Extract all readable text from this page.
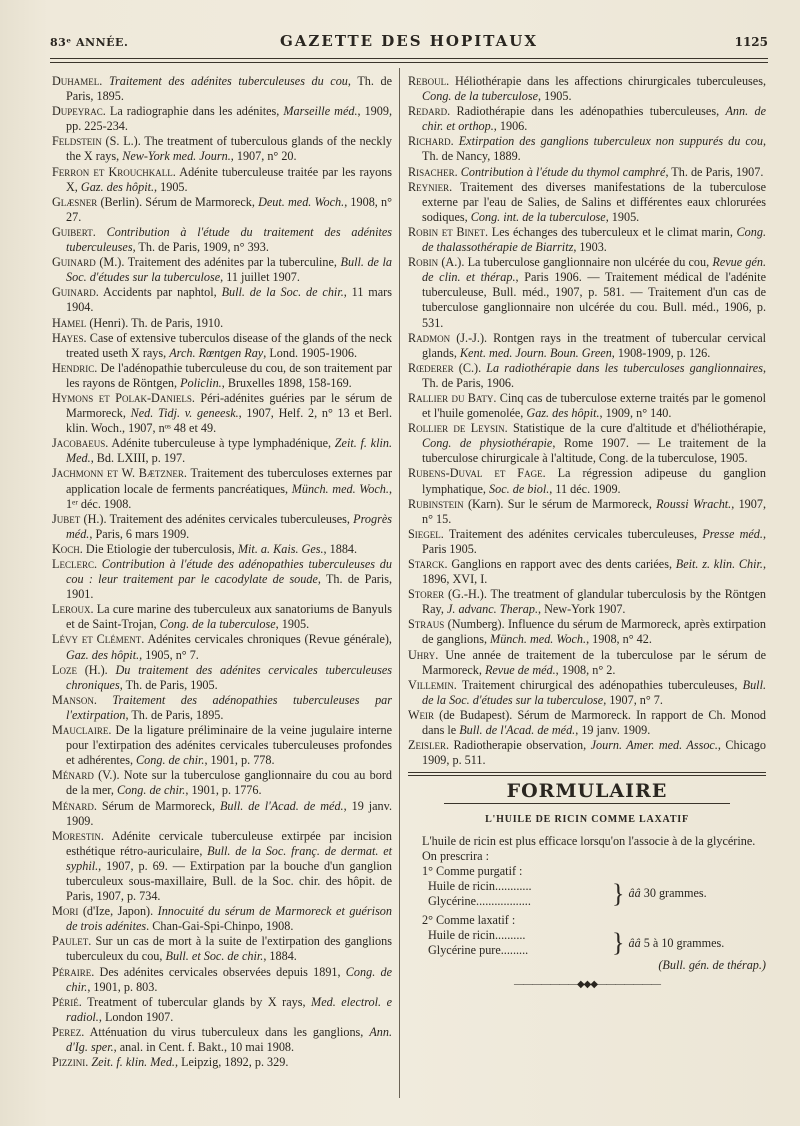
83ᵉ ANNÉE.	GAZETTE DES HOPITAUX	1125

Duhamel. Traitement des adénites tuberculeuses du cou, Th. de Paris, 1895.

Dupeyrac. La radiographie dans les adénites, Marseille méd., 1909, pp. 225-234.

Feldstein (S. L.). The treatment of tuberculous glands of the neckly the X rays, New-York med. Journ., 1907, n° 20.

Ferron et Krouchkall. Adénite tuberculeuse traitée par les rayons X, Gaz. des hôpit., 1905.

Glæsner (Berlin). Sérum de Marmoreck, Deut. med. Woch., 1908, n° 27.

Guibert. Contribution à l'étude du traitement des adénites tuberculeuses, Th. de Paris, 1909, n° 393.

Guinard (M.). Traitement des adénites par la tuberculine, Bull. de la Soc. d'études sur la tuberculose, 11 juillet 1907.

Guinard. Accidents par naphtol, Bull. de la Soc. de chir., 11 mars 1904.

Hamel (Henri). Th. de Paris, 1910.

Hayes. Case of extensive tuberculos disease of the glands of the neck treated useth X rays, Arch. Rœntgen Ray, Lond. 1905-1906.

Hendric. De l'adénopathie tuberculeuse du cou, de son traitement par les rayons de Röntgen, Policlin., Bruxelles 1898, 158-169.

Hymons et Polak-Daniels. Péri-adénites guéries par le sérum de Marmoreck, Ned. Tidj. v. geneesk., 1907, Helf. 2, n° 13 et Berl. klin. Woch., 1907, nᵒˢ 48 et 49.

Jacobaeus. Adénite tuberculeuse à type lymphadénique, Zeit. f. klin. Med., Bd. LXIII, p. 197.

Jachmonn et W. Bætzner. Traitement des tuberculoses externes par application locale de ferments pancréatiques, Münch. med. Woch., 1ᵉʳ déc. 1908.

Jubet (H.). Traitement des adénites cervicales tuberculeuses, Progrès méd., Paris, 6 mars 1909.

Koch. Die Etiologie der tuberculosis, Mit. a. Kais. Ges., 1884.

Leclerc. Contribution à l'étude des adénopathies tuberculeuses du cou : leur traitement par le cacodylate de soude, Th. de Paris, 1901.

Leroux. La cure marine des tuberculeux aux sanatoriums de Banyuls et de Saint-Trojan, Cong. de la tuberculose, 1905.

Lévy et Clément. Adénites cervicales chroniques (Revue générale), Gaz. des hôpit., 1905, n° 7.

Loze (H.). Du traitement des adénites cervicales tuberculeuses chroniques, Th. de Paris, 1905.

Manson. Traitement des adénopathies tuberculeuses par l'extirpation, Th. de Paris, 1895.

Mauclaire. De la ligature préliminaire de la veine jugulaire interne pour l'extirpation des adénites cervicales tuberculeuses profondes et adhérentes, Cong. de chir., 1901, p. 778.

Ménard (V.). Note sur la tuberculose ganglionnaire du cou au bord de la mer, Cong. de chir., 1901, p. 1776.

Ménard. Sérum de Marmoreck, Bull. de l'Acad. de méd., 19 janv. 1909.

Morestin. Adénite cervicale tuberculeuse extirpée par incision esthétique rétro-auriculaire, Bull. de la Soc. franç. de dermat. et syphil., 1907, p. 69. — Extirpation par la bouche d'un ganglion tuberculeux sous-maxillaire, Bull. de la Soc. chir. des hôpit. de Paris, 1907, p. 734.

Mori (d'Ize, Japon). Innocuité du sérum de Marmoreck et guérison de trois adénites. Chan-Gai-Spi-Chinpo, 1908.

Paulet. Sur un cas de mort à la suite de l'extirpation des ganglions tuberculeux du cou, Bull. et Soc. de chir., 1884.

Péraire. Des adénites cervicales observées depuis 1891, Cong. de chir., 1901, p. 803.

Périé. Treatment of tubercular glands by X rays, Med. electrol. e radiol., London 1907.

Perez. Atténuation du virus tuberculeux dans les ganglions, Ann. d'Ig. sper., anal. in Cent. f. Bakt., 10 mai 1908.

Pizzini. Zeit. f. klin. Med., Leipzig, 1892, p. 329.

Reboul. Héliothérapie dans les affections chirurgicales tuberculeuses, Cong. de la tuberculose, 1905.

Redard. Radiothérapie dans les adénopathies tuberculeuses, Ann. de chir. et orthop., 1906.

Richard. Extirpation des ganglions tuberculeux non suppurés du cou, Th. de Nancy, 1889.

Risacher. Contribution à l'étude du thymol camphré, Th. de Paris, 1907.

Reynier. Traitement des diverses manifestations de la tuberculose externe par l'eau de Salies, de Salins et différentes eaux chlorurées sodiques, Cong. int. de la tuberculose, 1905.

Robin et Binet. Les échanges des tuberculeux et le climat marin, Cong. de thalassothérapie de Biarritz, 1903.

Robin (A.). La tuberculose ganglionnaire non ulcérée du cou, Revue gén. de clin. et thérap., Paris 1906. — Traitement médical de l'adénite tuberculeuse, Bull. méd., 1907, p. 581. — Traitement d'un cas de tuberculose ganglionnaire non ulcérée du cou. Bull. méd., 1906, p. 531.

Radmon (J.-J.). Rontgen rays in the treatment of tubercular cervical glands, Kent. med. Journ. Boun. Green, 1908-1909, p. 126.

Rœderer (C.). La radiothérapie dans les tuberculoses ganglionnaires, Th. de Paris, 1906.

Rallier du Baty. Cinq cas de tuberculose externe traités par le gomenol et l'huile gomenolée, Gaz. des hôpit., 1909, n° 140.

Rollier de Leysin. Statistique de la cure d'altitude et d'héliothérapie, Cong. de physiothérapie, Rome 1907. — Le traitement de la tuberculose chirurgicale à l'altitude, Cong. de la tuberculose, 1905.

Rubens-Duval et Fage. La régression adipeuse du ganglion lymphatique, Soc. de biol., 11 déc. 1909.

Rubinstein (Karn). Sur le sérum de Marmoreck, Roussi Wracht., 1907, n° 15.

Siegel. Traitement des adénites cervicales tuberculeuses, Presse méd., Paris 1905.

Starck. Ganglions en rapport avec des dents cariées, Beit. z. klin. Chir., 1896, XVI, I.

Storer (G.-H.). The treatment of glandular tuberculosis by the Röntgen Ray, J. advanc. Therap., New-York 1907.

Straus (Numberg). Influence du sérum de Marmoreck, après extirpation de ganglions, Münch. med. Woch., 1908, n° 42.

Uhry. Une année de traitement de la tuberculose par le sérum de Marmoreck, Revue de méd., 1908, n° 2.

Villemin. Traitement chirurgical des adénopathies tuberculeuses, Bull. de la Soc. d'études sur la tuberculose, 1907, n° 7.

Weir (de Budapest). Sérum de Marmoreck. In rapport de Ch. Monod dans le Bull. de l'Acad. de méd., 19 janv. 1909.

Zeisler. Radiotherapie observation, Journ. Amer. med. Assoc., Chicago 1909, p. 511.

FORMULAIRE
L'HUILE DE RICIN COMME LAXATIF

L'huile de ricin est plus efficace lorsqu'on l'associe à de la glycérine.

On prescrira :

1° Comme purgatif :

Huile de ricin............
Glycérine..................	} ââ 30 grammes.

2° Comme laxatif :

Huile de ricin..........
Glycérine pure.........	} ââ 5 à 10 grammes.

(Bull. gén. de thérap.)

———————◆◆◆———————
